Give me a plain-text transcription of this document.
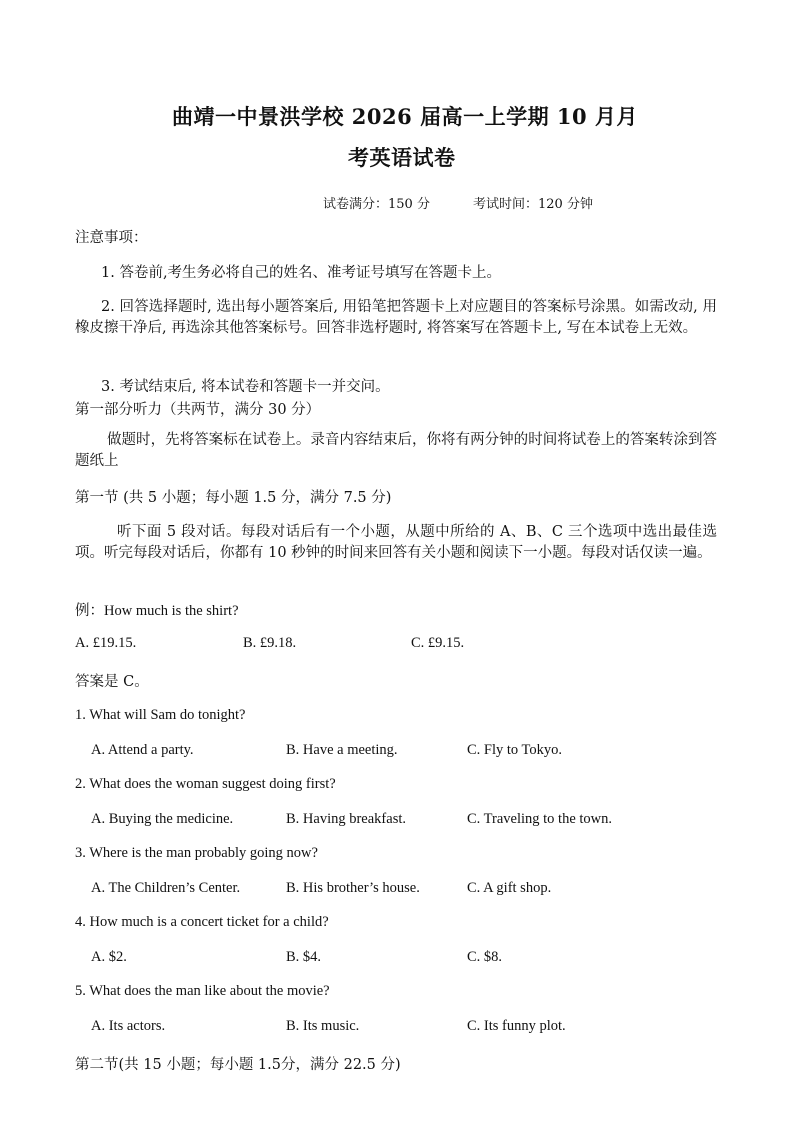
曲靖一中景洪学校 2026 届高一上学期 10 月月
考英语试卷
试卷满分：150 分	考试时间：120 分钟
注意事项：
1. 答卷前,考生务必将自己的姓名、准考证号填写在答题卡上。
2. 回答选择题时, 选出每小题答案后, 用铅笔把答题卡上对应题目的答案标号涂黑。如需改动, 用橡皮擦干净后, 再选涂其他答案标号。回答非选杼题时, 将答案写在答题卡上, 写在本试卷上无效。
3. 考试结束后, 将本试卷和答题卡一并交问。
第一部分听力（共两节，满分 30 分）
做题时，先将答案标在试卷上。录音内容结束后，你将有两分钟的时间将试卷上的答案转涂到答题纸上
第一节 (共 5 小题；每小题 1.5 分，满分 7.5 分)
听下面 5 段对话。每段对话后有一个小题，从题中所给的 A、B、C 三个选项中选出最佳选项。听完每段对话后，你都有 10 秒钟的时间来回答有关小题和阅读下一小题。每段对话仅读一遍。
例：How much is the shirt?
A. £19.15.	B. £9.18.	C. £9.15.
答案是 C。
1. What will Sam do tonight?
A. Attend a party.	B. Have a meeting.	C. Fly to Tokyo.
2. What does the woman suggest doing first?
A. Buying the medicine.	B. Having breakfast.	C. Traveling to the town.
3. Where is the man probably going now?
A. The Children’s Center.	B. His brother’s house.	C. A gift shop.
4. How much is a concert ticket for a child?
A. $2.	B. $4.	C. $8.
5. What does the man like about the movie?
A. Its actors.	B. Its music.	C. Its funny plot.
第二节(共 15 小题；每小题 1.5分，满分 22.5 分)
